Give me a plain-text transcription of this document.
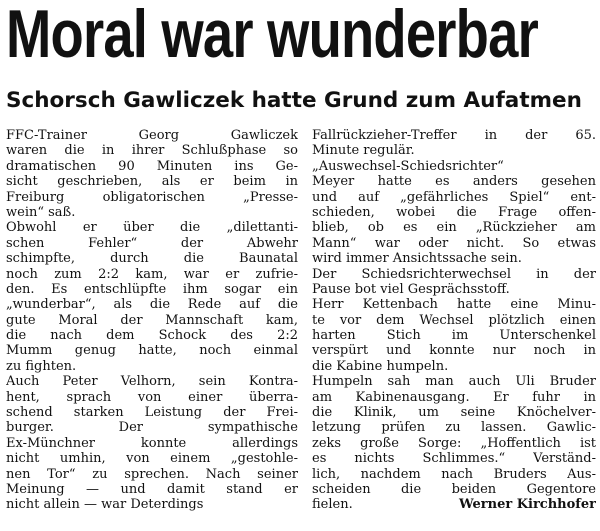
Moral war wunderbar
Schorsch Gawliczek hatte Grund zum Aufatmen
FFC-Trainer Georg Gawliczek
waren die in ihrer Schlußphase so
dramatischen 90 Minuten ins Ge-
sicht geschrieben, als er beim in
Freiburg obligatorischen „Presse-
wein“ saß.
Obwohl er über die „dilettanti-
schen Fehler“ der Abwehr
schimpfte, durch die Baunatal
noch zum 2:2 kam, war er zufrie-
den. Es entschlüpfte ihm sogar ein
„wunderbar“, als die Rede auf die
gute Moral der Mannschaft kam,
die nach dem Schock des 2:2
Mumm genug hatte, noch einmal
zu fighten.
Auch Peter Velhorn, sein Kontra-
hent, sprach von einer überra-
schend starken Leistung der Frei-
burger. Der sympathische
Ex-Münchner konnte allerdings
nicht umhin, von einem „gestohle-
nen Tor“ zu sprechen. Nach seiner
Meinung — und damit stand er
nicht allein — war Deterdings
Fallrückzieher-Treffer in der 65.
Minute regulär.
„Auswechsel-Schiedsrichter“
Meyer hatte es anders gesehen
und auf „gefährliches Spiel“ ent-
schieden, wobei die Frage offen-
blieb, ob es ein „Rückzieher am
Mann“ war oder nicht. So etwas
wird immer Ansichtssache sein.
Der Schiedsrichterwechsel in der
Pause bot viel Gesprächsstoff.
Herr Kettenbach hatte eine Minu-
te vor dem Wechsel plötzlich einen
harten Stich im Unterschenkel
verspürt und konnte nur noch in
die Kabine humpeln.
Humpeln sah man auch Uli Bruder
am Kabinenausgang. Er fuhr in
die Klinik, um seine Knöchelver-
letzung prüfen zu lassen. Gawlic-
zeks große Sorge: „Hoffentlich ist
es nichts Schlimmes.“ Verständ-
lich, nachdem nach Bruders Aus-
scheiden die beiden Gegentore
fielen.	Werner Kirchhofer
